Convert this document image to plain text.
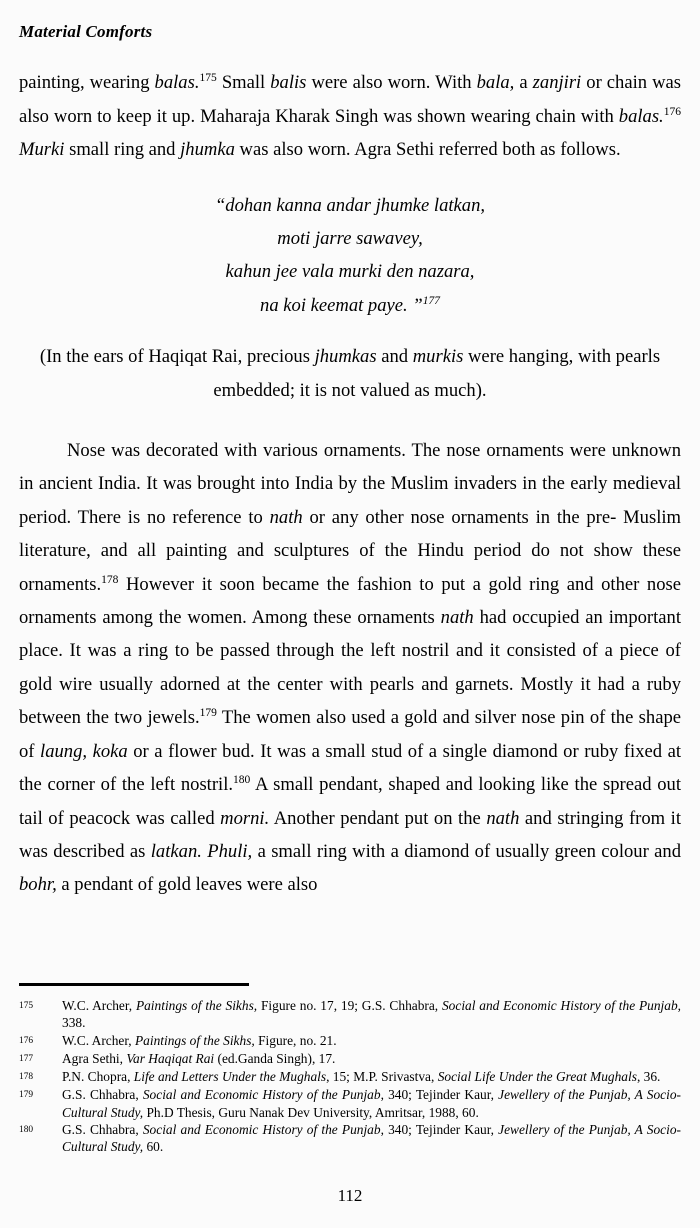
Material Comforts

painting, wearing balas.$^{175}$ Small balis were also worn. With bala, a zanjiri or chain was also worn to keep it up. Maharaja Kharak Singh was shown wearing chain with balas.$^{176}$ Murki small ring and jhumka was also worn. Agra Sethi referred both as follows.

“dohan kanna andar jhumke latkan,
moti jarre sawavey,
kahun jee vala murki den nazara,
na koi keemat paye. ”$^{177}$

(In the ears of Haqiqat Rai, precious jhumkas and murkis were hanging, with pearls embedded; it is not valued as much).

Nose was decorated with various ornaments. The nose ornaments were unknown in ancient India. It was brought into India by the Muslim invaders in the early medieval period. There is no reference to nath or any other nose ornaments in the pre- Muslim literature, and all painting and sculptures of the Hindu period do not show these ornaments.$^{178}$ However it soon became the fashion to put a gold ring and other nose ornaments among the women. Among these ornaments nath had occupied an important place. It was a ring to be passed through the left nostril and it consisted of a piece of gold wire usually adorned at the center with pearls and garnets. Mostly it had a ruby between the two jewels.$^{179}$ The women also used a gold and silver nose pin of the shape of laung, koka or a flower bud. It was a small stud of a single diamond or ruby fixed at the corner of the left nostril.$^{180}$ A small pendant, shaped and looking like the spread out tail of peacock was called morni. Another pendant put on the nath and stringing from it was described as latkan. Phuli, a small ring with a diamond of usually green colour and bohr, a pendant of gold leaves were also

175	W.C. Archer, Paintings of the Sikhs, Figure no. 17, 19; G.S. Chhabra, Social and Economic History of the Punjab, 338.
176	W.C. Archer, Paintings of the Sikhs, Figure, no. 21.
177	Agra Sethi, Var Haqiqat Rai (ed.Ganda Singh), 17.
178	P.N. Chopra, Life and Letters Under the Mughals, 15; M.P. Srivastva, Social Life Under the Great Mughals, 36.
179	G.S. Chhabra, Social and Economic History of the Punjab, 340; Tejinder Kaur, Jewellery of the Punjab, A Socio- Cultural Study, Ph.D Thesis, Guru Nanak Dev University, Amritsar, 1988, 60.
180	G.S. Chhabra, Social and Economic History of the Punjab, 340; Tejinder Kaur, Jewellery of the Punjab, A Socio- Cultural Study, 60.
112
